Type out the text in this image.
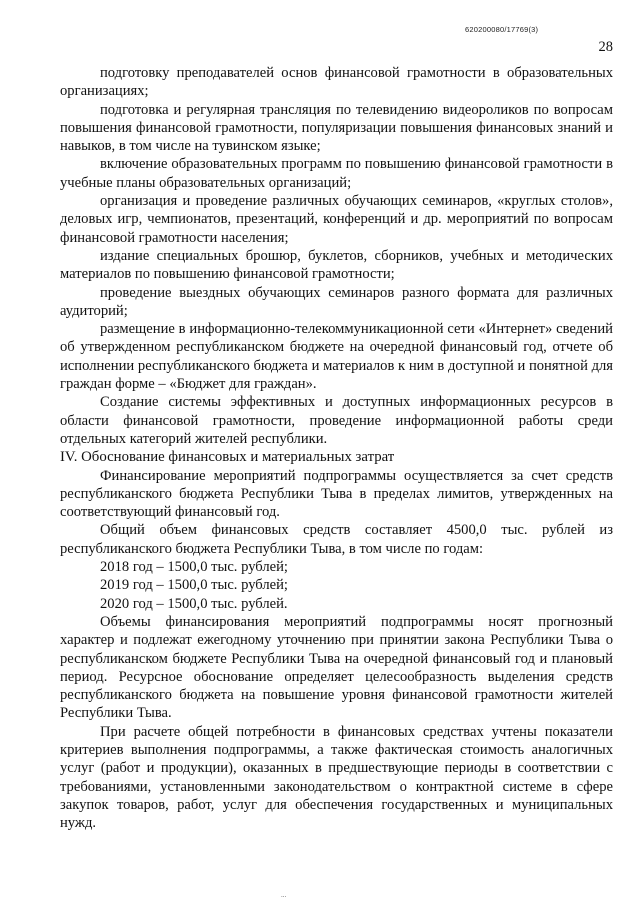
620200080/17769(3)
28

подготовку преподавателей основ финансовой грамотности в образовательных организациях;

подготовка и регулярная трансляция по телевидению видеороликов по вопросам повышения финансовой грамотности, популяризации повышения финансовых знаний и навыков, в том числе на тувинском языке;

включение образовательных программ по повышению финансовой грамотности в учебные планы образовательных организаций;

организация и проведение различных обучающих семинаров, «круглых столов», деловых игр, чемпионатов, презентаций, конференций и др. мероприятий по вопросам финансовой грамотности населения;

издание специальных брошюр, буклетов, сборников, учебных и методических материалов по повышению финансовой грамотности;

проведение выездных обучающих семинаров разного формата для различных аудиторий;

размещение в информационно-телекоммуникационной сети «Интернет» сведений об утвержденном республиканском бюджете на очередной финансовый год, отчете об исполнении республиканского бюджета и материалов к ним в доступной и понятной для граждан форме – «Бюджет для граждан».

Создание системы эффективных и доступных информационных ресурсов в области финансовой грамотности, проведение информационной работы среди отдельных категорий жителей республики.

IV. Обоснование финансовых и материальных затрат

Финансирование мероприятий подпрограммы осуществляется за счет средств республиканского бюджета Республики Тыва в пределах лимитов, утвержденных на соответствующий финансовый год.

Общий объем финансовых средств составляет 4500,0 тыс. рублей из республиканского бюджета Республики Тыва, в том числе по годам:

2018 год – 1500,0 тыс. рублей;

2019 год – 1500,0 тыс. рублей;

2020 год – 1500,0 тыс. рублей.

Объемы финансирования мероприятий подпрограммы носят прогнозный характер и подлежат ежегодному уточнению при принятии закона Республики Тыва о республиканском бюджете Республики Тыва на очередной финансовый год и плановый период. Ресурсное обоснование определяет целесообразность выделения средств республиканского бюджета на повышение уровня финансовой грамотности жителей Республики Тыва.

При расчете общей потребности в финансовых средствах учтены показатели критериев выполнения подпрограммы, а также фактическая стоимость аналогичных услуг (работ и продукции), оказанных в предшествующие периоды в соответствии с требованиями, установленными законодательством о контрактной системе в сфере закупок товаров, работ, услуг для обеспечения государственных и муниципальных нужд.

...
